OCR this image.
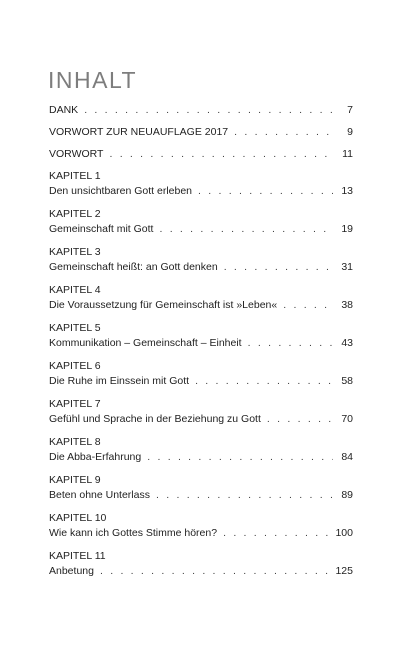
INHALT
DANK . . .	7
VORWORT ZUR NEUAUFLAGE 2017 . . .	9
VORWORT . . .	11
KAPITEL 1
Den unsichtbaren Gott erleben . . .	13
KAPITEL 2
Gemeinschaft mit Gott . . .	19
KAPITEL 3
Gemeinschaft heißt: an Gott denken . . .	31
KAPITEL 4
Die Voraussetzung für Gemeinschaft ist »Leben« . . .	38
KAPITEL 5
Kommunikation – Gemeinschaft – Einheit . . .	43
KAPITEL 6
Die Ruhe im Einssein mit Gott . . .	58
KAPITEL 7
Gefühl und Sprache in der Beziehung zu Gott . . .	70
KAPITEL 8
Die Abba-Erfahrung . . .	84
KAPITEL 9
Beten ohne Unterlass . . .	89
KAPITEL 10
Wie kann ich Gottes Stimme hören? . . .	100
KAPITEL 11
Anbetung . . .	125
